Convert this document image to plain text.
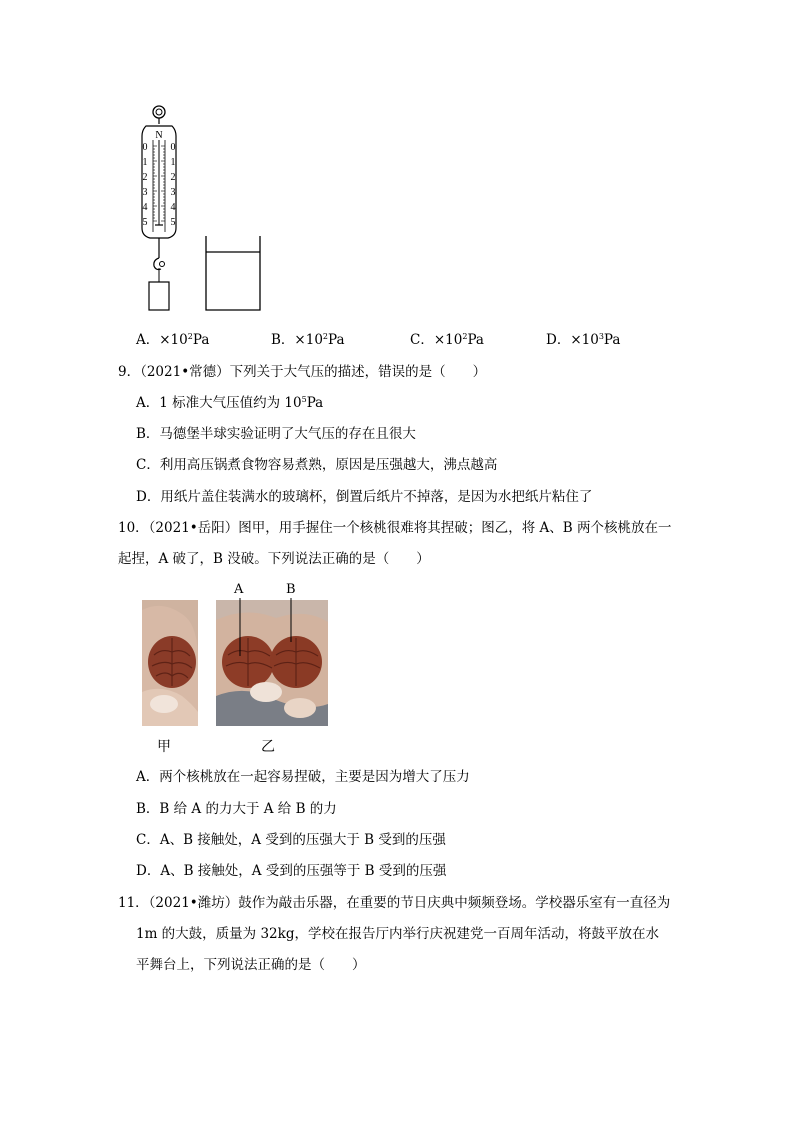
N
0
1
2
3
4
5
0
1
2
3
4
5
A．$\times 10^2Pa$	B．$\times 10^2Pa$	C．$\times 10^2Pa$	D．$\times 10^3Pa$
9．（2021•常德）下列关于大气压的描述，错误的是（　　）
A．1 标准大气压值约为 $10^5Pa$
B．马德堡半球实验证明了大气压的存在且很大
C．利用高压锅煮食物容易煮熟，原因是压强越大，沸点越高
D．用纸片盖住装满水的玻璃杯，倒置后纸片不掉落，是因为水把纸片粘住了
10．（2021•岳阳）图甲，用手握住一个核桃很难将其捏破；图乙，将 A、B 两个核桃放在一
起捏，A 破了，B 没破。下列说法正确的是（　　）
A	B
甲	乙
A．两个核桃放在一起容易捏破，主要是因为增大了压力
B．B 给 A 的力大于 A 给 B 的力
C．A、B 接触处，A 受到的压强大于 B 受到的压强
D．A、B 接触处，A 受到的压强等于 B 受到的压强
11．（2021•潍坊）鼓作为敲击乐器，在重要的节日庆典中频频登场。学校器乐室有一直径为
1m 的大鼓，质量为 32kg，学校在报告厅内举行庆祝建党一百周年活动，将鼓平放在水
平舞台上，下列说法正确的是（　　）
